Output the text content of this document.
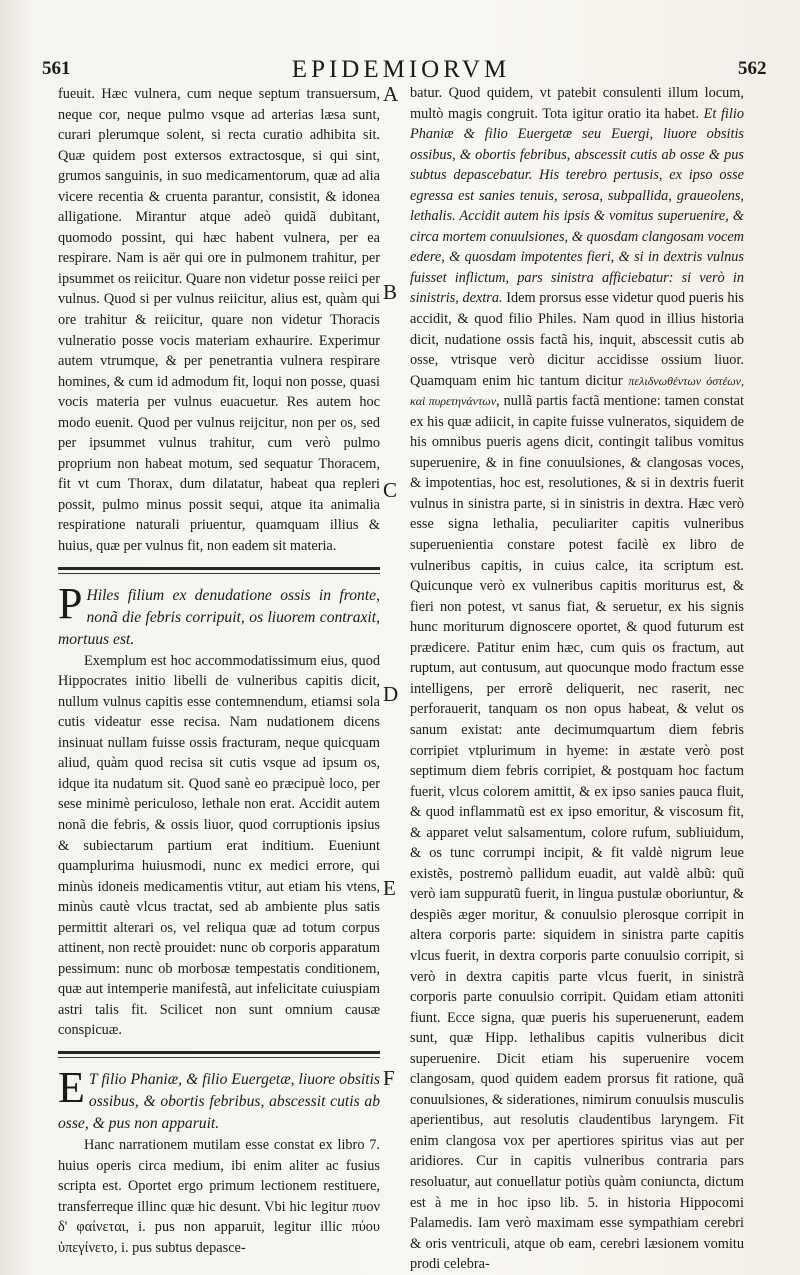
561	EPIDEMIORVM	562
A
B
C
D
E
F

fueuit. Hæc vulnera, cum neque septum transuersum, neque cor, neque pulmo vsque ad arterias læsa sunt, curari plerumque solent, si recta curatio adhibita sit. Quæ quidem post extersos extractosque, si qui sint, grumos sanguinis, in suo medicamentorum, quæ ad alia vicere recentia & cruenta parantur, consistit, & idonea alligatione. Mirantur atque adeò quidã dubitant, quomodo possint, qui hæc habent vulnera, per ea respirare. Nam is aër qui ore in pulmonem trahitur, per ipsummet os reiicitur. Quare non videtur posse reiici per vulnus. Quod si per vulnus reiicitur, alius est, quàm qui ore trahitur & reiicitur, quare non videtur Thoracis vulneratio posse vocis materiam exhaurire. Experimur autem vtrumque, & per penetrantia vulnera respirare homines, & cum id admodum fit, loqui non posse, quasi vocis materia per vulnus euacuetur. Res autem hoc modo euenit. Quod per vulnus reijcitur, non per os, sed per ipsummet vulnus trahitur, cum verò pulmo proprium non habeat motum, sed sequatur Thoracem, fit vt cum Thorax, dum dilatatur, habeat qua repleri possit, pulmo minus possit sequi, atque ita animalia respiratione naturali priuentur, quamquam illius & huius, quæ per vulnus fit, non eadem sit materia.

P Hiles filium ex denudatione ossis in fronte, nonã die febris corripuit, os liuorem contraxit, mortuus est.

Exemplum est hoc accommodatissimum eius, quod Hippocrates initio libelli de vulneribus capitis dicit, nullum vulnus capitis esse contemnendum, etiamsi sola cutis videatur esse recisa. Nam nudationem dicens insinuat nullam fuisse ossis fracturam, neque quicquam aliud, quàm quod recisa sit cutis vsque ad ipsum os, idque ita nudatum sit. Quod sanè eo præcipuè loco, per sese minimè periculoso, lethale non erat. Accidit autem nonã die febris, & ossis liuor, quod corruptionis ipsius & subiectarum partium erat inditium. Eueniunt quamplurima huiusmodi, nunc ex medici errore, qui minùs idoneis medicamentis vtitur, aut etiam his vtens, minùs cautè vlcus tractat, sed ab ambiente plus satis permittit alterari os, vel reliqua quæ ad totum corpus attinent, non rectè prouidet: nunc ob corporis apparatum pessimum: nunc ob morbosæ tempestatis conditionem, quæ aut intemperie manifestã, aut infelicitate cuiuspiam astri talis fit. Scilicet non sunt omnium causæ conspicuæ.

E T filio Phaniæ, & filio Euergetæ, liuore obsitis ossibus, & obortis febribus, abscessit cutis ab osse, & pus non apparuit.

Hanc narrationem mutilam esse constat ex libro 7. huius operis circa medium, ibi enim aliter ac fusius scripta est. Oportet ergo primum lectionem restituere, transferreque illinc quæ hic desunt. Vbi hic legitur πυον δ' φαίνεται, i. pus non apparuit, legitur illic πύου ὑπεγίνετο, i. pus subtus depasce-

batur. Quod quidem, vt patebit consulenti illum locum, multò magis congruit. Tota igitur oratio ita habet. Et filio Phaniæ & filio Euergetæ seu Euergi, liuore obsitis ossibus, & obortis febribus, abscessit cutis ab osse & pus subtus depascebatur. His terebro pertusis, ex ipso osse egressa est sanies tenuis, serosa, subpallida, graueolens, lethalis. Accidit autem his ipsis & vomitus superuenire, & circa mortem conuulsiones, & quosdam clangosam vocem edere, & quosdam impotentes fieri, & si in dextris vulnus fuisset inflictum, pars sinistra afficiebatur: si verò in sinistris, dextra. Idem prorsus esse videtur quod pueris his accidit, & quod filio Philes. Nam quod in illius historia dicit, nudatione ossis factã his, inquit, abscessit cutis ab osse, vtrisque verò dicitur accidisse ossium liuor. Quamquam enim hic tantum dicitur πελιδνωθέντων ὀστέων, καὶ πυρετηνάντων, nullã partis factã mentione: tamen constat ex his quæ adiicit, in capite fuisse vulneratos, siquidem de his omnibus pueris agens dicit, contingit talibus vomitus superuenire, & in fine conuulsiones, & clangosas voces, & impotentias, hoc est, resolutiones, & si in dextris fuerit vulnus in sinistra parte, si in sinistris in dextra. Hæc verò esse signa lethalia, peculiariter capitis vulneribus superuenientia constare potest facilè ex libro de vulneribus capitis, in cuius calce, ita scriptum est. Quicunque verò ex vulneribus capitis moriturus est, & fieri non potest, vt sanus fiat, & seruetur, ex his signis hunc moriturum dignoscere oportet, & quod futurum est prædicere. Patitur enim hæc, cum quis os fractum, aut ruptum, aut contusum, aut quocunque modo fractum esse intelligens, per errorẽ deliquerit, nec raserit, nec perforauerit, tanquam os non opus habeat, & velut os sanum existat: ante decimumquartum diem febris corripiet vtplurimum in hyeme: in æstate verò post septimum diem febris corripiet, & postquam hoc factum fuerit, vlcus colorem amittit, & ex ipso sanies pauca fluit, & quod inflammatũ est ex ipso emoritur, & viscosum fit, & apparet velut salsamentum, colore rufum, subliuidum, & os tunc corrumpi incipit, & fit valdè nigrum leue existẽs, postremò pallidum euadit, aut valdè albũ: quũ verò iam suppuratũ fuerit, in lingua pustulæ oboriuntur, & despiẽs æger moritur, & conuulsio plerosque corripit in altera corporis parte: siquidem in sinistra parte capitis vlcus fuerit, in dextra corporis parte conuulsio corripit, si verò in dextra capitis parte vlcus fuerit, in sinistrã corporis parte conuulsio corripit. Quidam etiam attoniti fiunt. Ecce signa, quæ pueris his superuenerunt, eadem sunt, quæ Hipp. lethalibus capitis vulneribus dicit superuenire. Dicit etiam his superuenire vocem clangosam, quod quidem eadem prorsus fit ratione, quã conuulsiones, & siderationes, nimirum conuulsis musculis aperientibus, aut resolutis claudentibus laryngem. Fit enim clangosa vox per apertiores spiritus vias aut per aridiores. Cur in capitis vulneribus contraria pars resoluatur, aut conuellatur potiùs quàm coniuncta, dictum est à me in hoc ipso lib. 5. in historia Hippocomi Palamedis. Iam verò maximam esse sympathiam cerebri & oris ventriculi, atque ob eam, cerebri læsionem vomitu prodi celebra-
